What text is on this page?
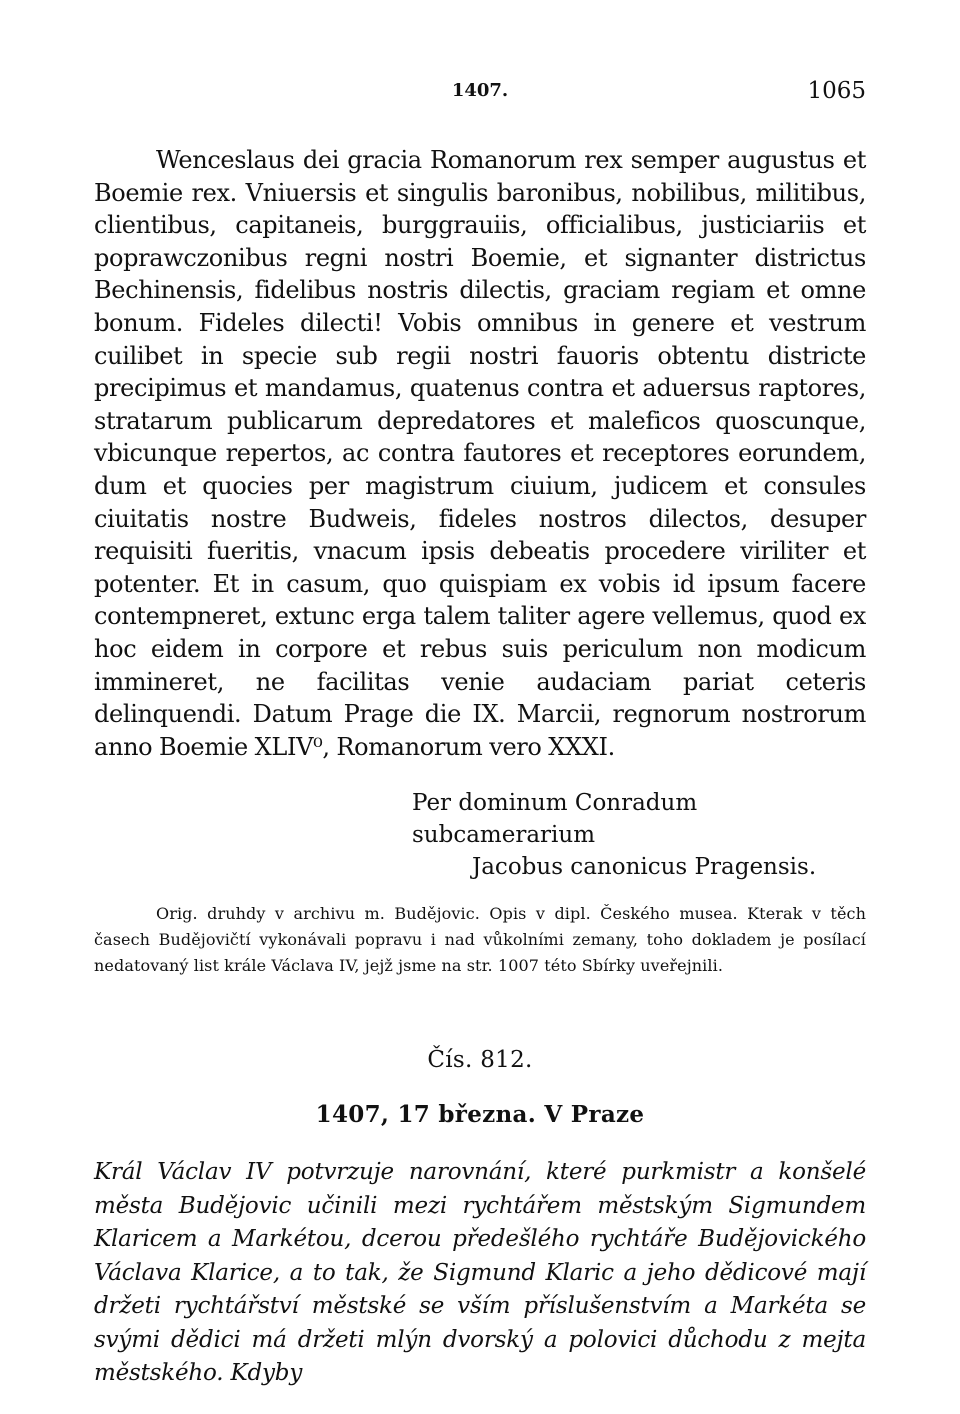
1407.	1065

Wenceslaus dei gracia Romanorum rex semper augustus et Boemie rex. Vniuersis et singulis baronibus, nobilibus, militibus, clientibus, capitaneis, burggrauiis, officialibus, justiciariis et poprawczonibus regni nostri Boemie, et signanter districtus Bechinensis, fidelibus nostris dilectis, graciam regiam et omne bonum. Fideles dilecti! Vobis omnibus in genere et vestrum cuilibet in specie sub regii nostri fauoris obtentu districte precipimus et mandamus, quatenus contra et aduersus raptores, stratarum publicarum depredatores et maleficos quoscunque, vbicunque repertos, ac contra fautores et receptores eorundem, dum et quocies per magistrum ciuium, judicem et consules ciuitatis nostre Budweis, fideles nostros dilectos, desuper requisiti fueritis, vnacum ipsis debeatis procedere viriliter et potenter. Et in casum, quo quispiam ex vobis id ipsum facere contempneret, extunc erga talem taliter agere vellemus, quod ex hoc eidem in corpore et rebus suis periculum non modicum immineret, ne facilitas venie audaciam pariat ceteris delinquendi. Datum Prage die IX. Marcii, regnorum nostrorum anno Boemie XLIV⁰, Romanorum vero XXXI.

Per dominum Conradum subcamerarium
Jacobus canonicus Pragensis.

Orig. druhdy v archivu m. Budějovic. Opis v dipl. Českého musea. Kterak v těch časech Budějovičtí vykonávali popravu i nad vůkolními zemany, toho dokladem je posílací nedatovaný list krále Václava IV, jejž jsme na str. 1007 této Sbírky uveřejnili.

Čís. 812.
1407, 17 března. V Praze

Král Václav IV potvrzuje narovnání, které purkmistr a konšelé města Budějovic učinili mezi rychtářem městským Sigmundem Klaricem a Markétou, dcerou předešlého rychtáře Budějovického Václava Klarice, a to tak, že Sigmund Klaric a jeho dědicové mají držeti rychtářství městské se vším příslušenstvím a Markéta se svými dědici má držeti mlýn dvorský a polovici důchodu z mejta městského. Kdyby
